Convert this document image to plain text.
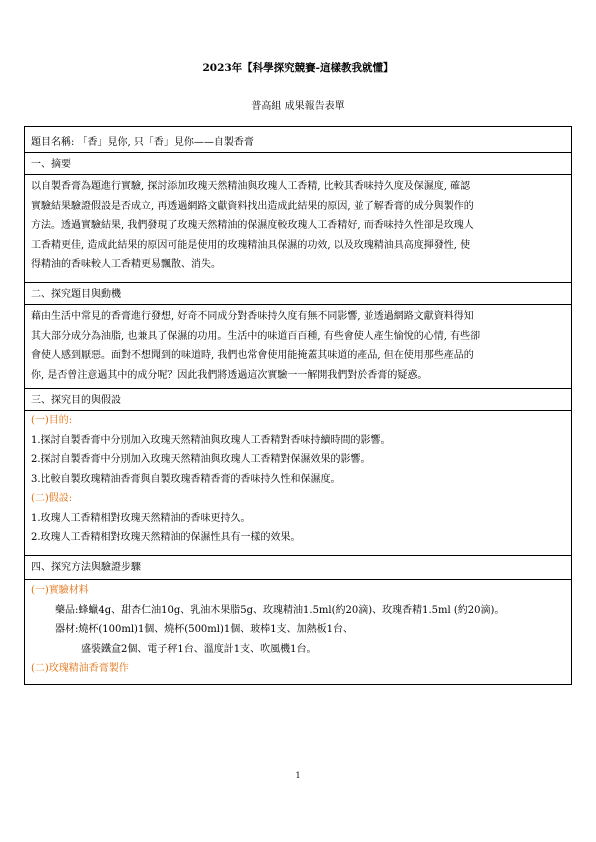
2023年【科學探究競賽-這樣教我就懂】
普高組 成果報告表單
題目名稱: 「香」見你, 只「香」見你——自製香膏
一、摘要
以自製香膏為題進行實驗, 探討添加玫瑰天然精油與玫瑰人工香精, 比較其香味持久度及保濕度, 確認
實驗結果驗證假設是否成立, 再透過網路文獻資料找出造成此結果的原因, 並了解香膏的成分與製作的
方法。透過實驗結果, 我們發現了玫瑰天然精油的保濕度較玫瑰人工香精好, 而香味持久性卻是玫瑰人
工香精更佳, 造成此結果的原因可能是使用的玫瑰精油具保濕的功效, 以及玫瑰精油具高度揮發性, 使
得精油的香味較人工香精更易飄散、消失。
二、探究題目與動機
藉由生活中常見的香膏進行發想, 好奇不同成分對香味持久度有無不同影響, 並透過網路文獻資料得知
其大部分成分為油脂, 也兼具了保濕的功用。生活中的味道百百種, 有些會使人產生愉悅的心情, 有些卻
會使人感到厭惡。面對不想聞到的味道時, 我們也常會使用能掩蓋其味道的產品, 但在使用那些產品的
你, 是否曾注意過其中的成分呢？因此我們將透過這次實驗一一解開我們對於香膏的疑惑。
三、探究目的與假設
(一)目的:
1.探討自製香膏中分別加入玫瑰天然精油與玫瑰人工香精對香味持續時間的影響。
2.探討自製香膏中分別加入玫瑰天然精油與玫瑰人工香精對保濕效果的影響。
3.比較自製玫瑰精油香膏與自製玫瑰香精香膏的香味持久性和保濕度。
(二)假設:
1.玫瑰人工香精相對玫瑰天然精油的香味更持久。
2.玫瑰人工香精相對玫瑰天然精油的保濕性具有一樣的效果。
四、探究方法與驗證步驟
(一)實驗材料
藥品:蜂蠟4g、甜杏仁油10g、乳油木果脂5g、玫瑰精油1.5ml(約20滴)、玫瑰香精1.5ml (約20滴)。
器材:燒杯(100ml)1個、燒杯(500ml)1個、玻棒1支、加熱板1台、
盛裝鐵盒2個、電子秤1台、溫度計1支、吹風機1台。
(二)玫瑰精油香膏製作
1
